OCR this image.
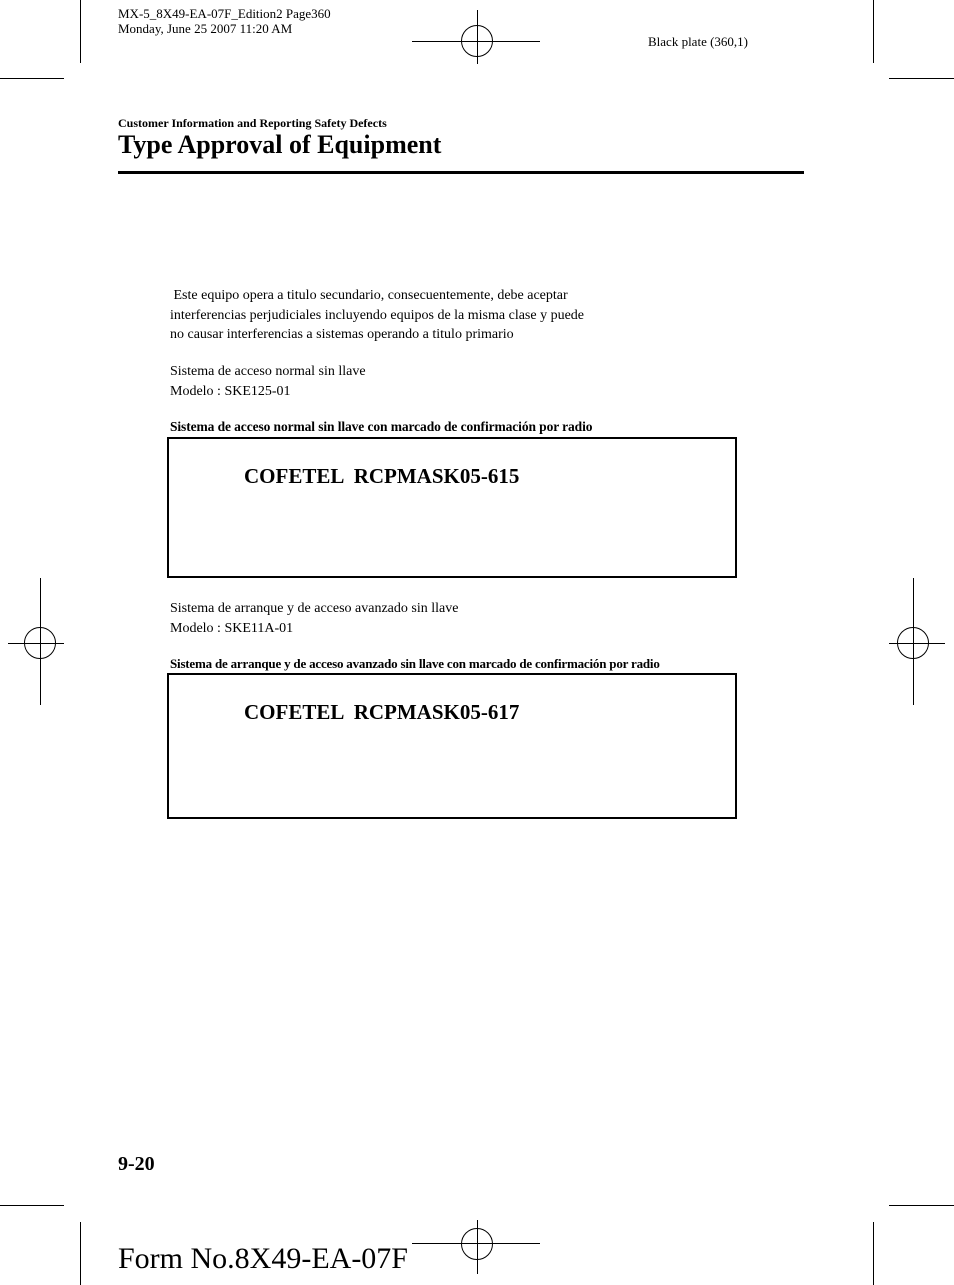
MX-5_8X49-EA-07F_Edition2 Page360
Monday, June 25 2007 11:20 AM
Black plate (360,1)
Customer Information and Reporting Safety Defects
Type Approval of Equipment
Este equipo opera a titulo secundario, consecuentemente, debe aceptar
interferencias perjudiciales incluyendo equipos de la misma clase y puede
no causar interferencias a sistemas operando a titulo primario
Sistema de acceso normal sin llave
Modelo : SKE125-01
Sistema de acceso normal sin llave con marcado de confirmación por radio
COFETEL  RCPMASK05-615
Sistema de arranque y de acceso avanzado sin llave
Modelo : SKE11A-01
Sistema de arranque y de acceso avanzado sin llave con marcado de confirmación por radio
COFETEL  RCPMASK05-617
9-20
Form No.8X49-EA-07F
